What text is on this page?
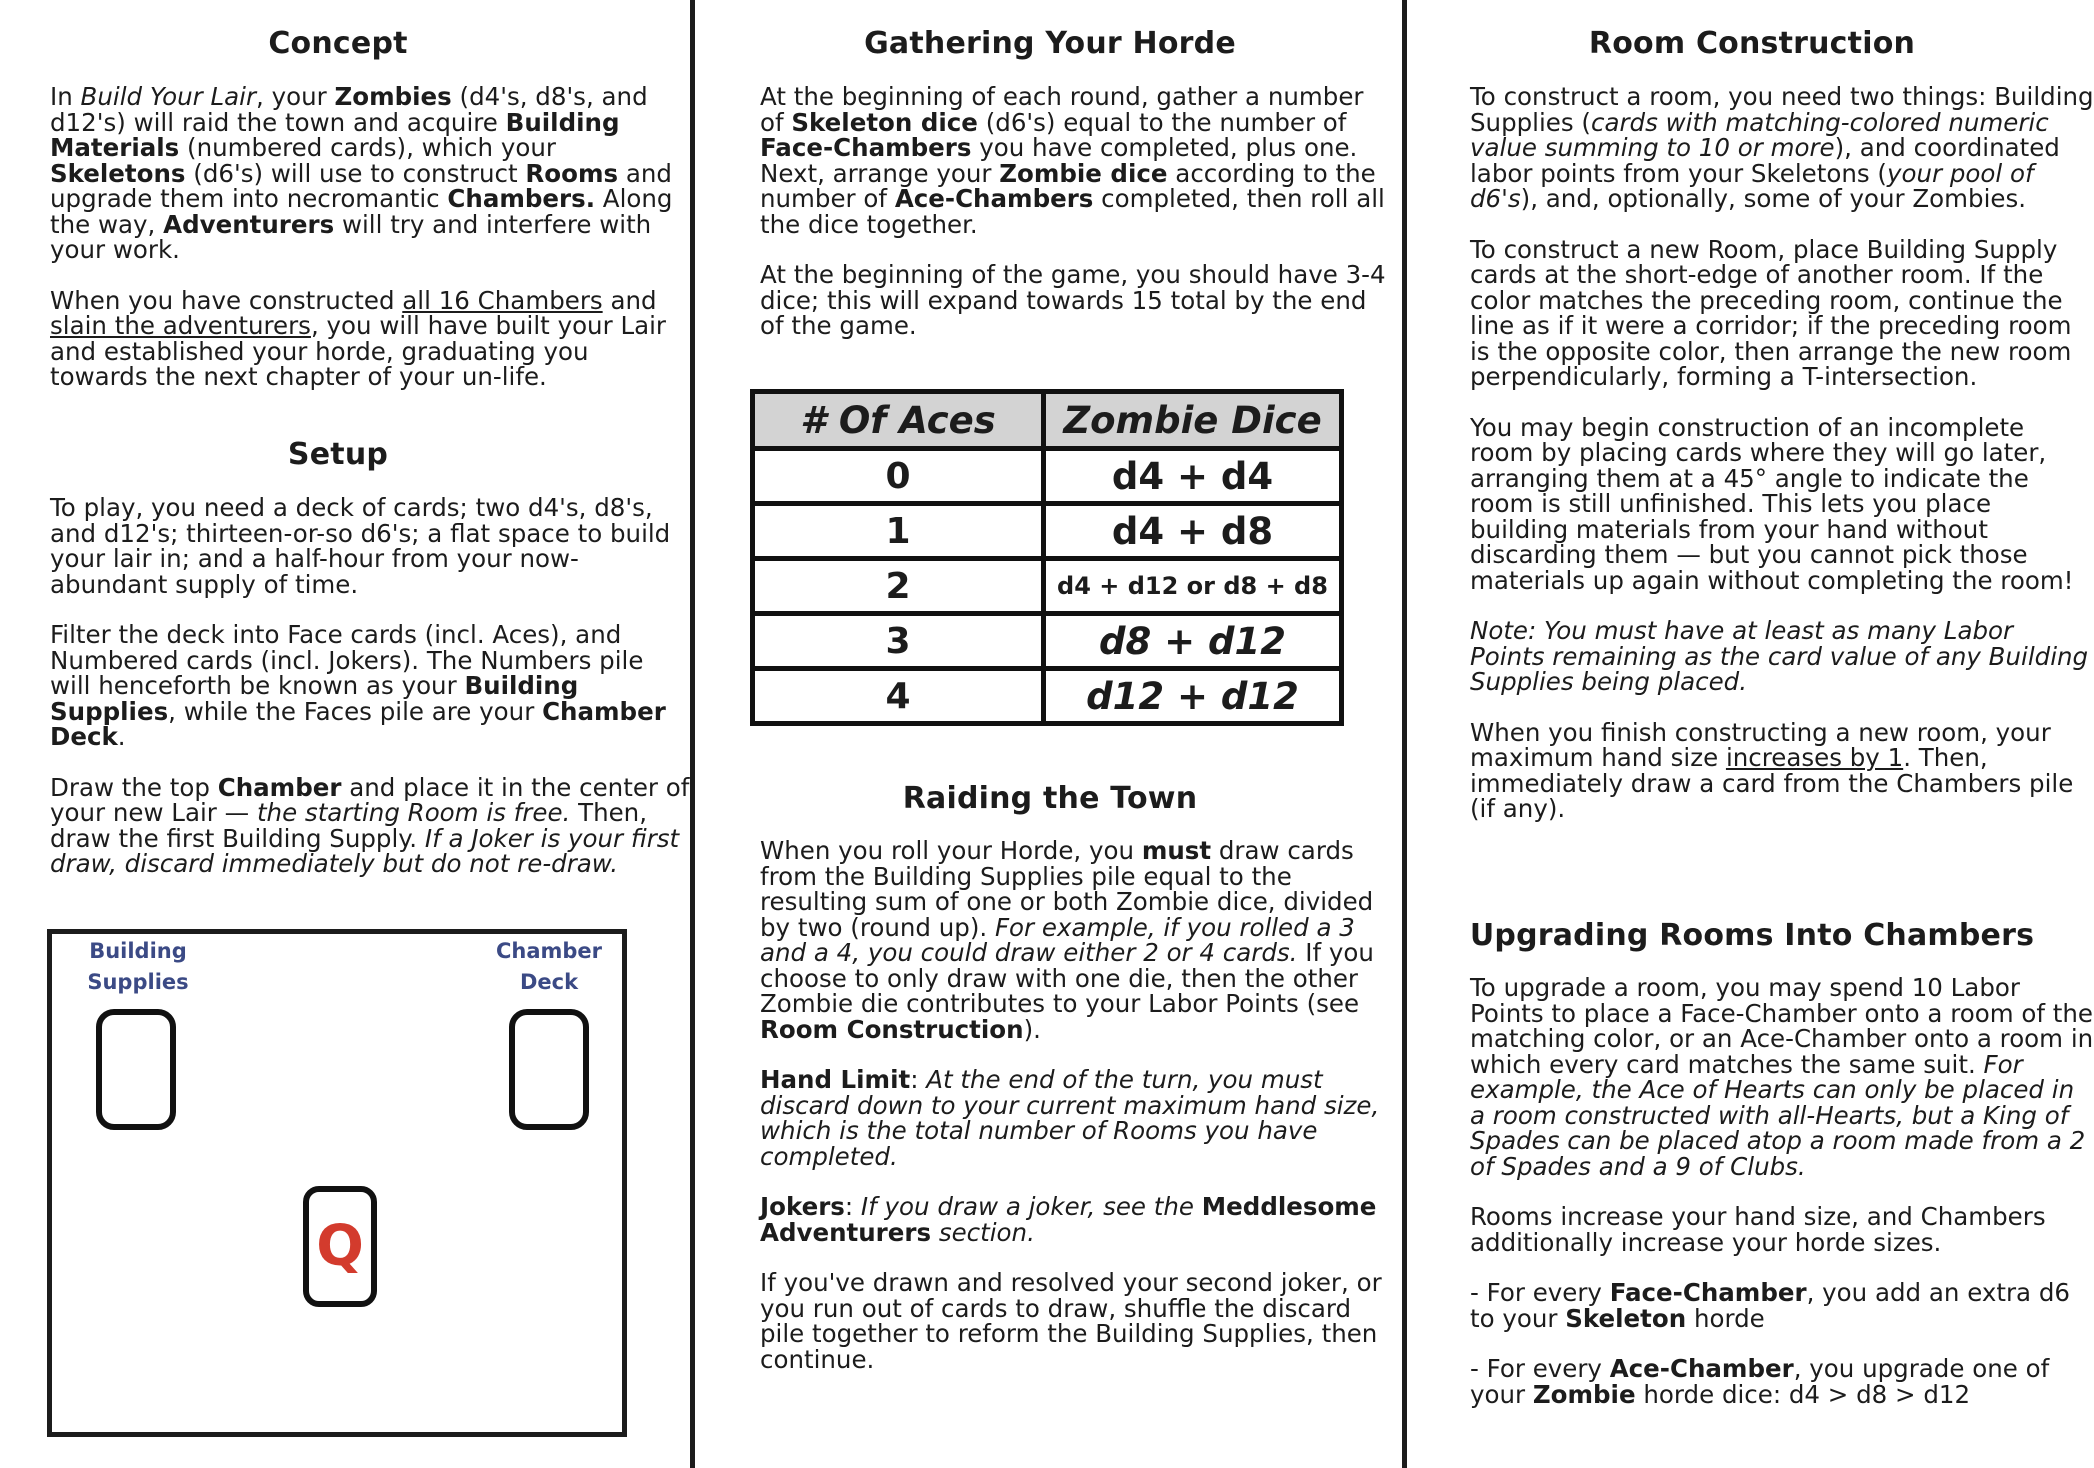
Concept

In Build Your Lair, your Zombies (d4's, d8's, and d12's) will raid the town and acquire Building Materials (numbered cards), which your Skeletons (d6's) will use to construct Rooms and upgrade them into necromantic Chambers. Along the way, Adventurers will try and interfere with your work.

When you have constructed all 16 Chambers and slain the adventurers, you will have built your Lair and established your horde, graduating you towards the next chapter of your un-life.

Setup

To play, you need a deck of cards; two d4's, d8's, and d12's; thirteen-or-so d6's; a flat space to build your lair in; and a half-hour from your now-abundant supply of time.

Filter the deck into Face cards (incl. Aces), and Numbered cards (incl. Jokers). The Numbers pile will henceforth be known as your Building Supplies, while the Faces pile are your Chamber Deck.

Draw the top Chamber and place it in the center of your new Lair — the starting Room is free. Then, draw the first Building Supply. If a Joker is your first draw, discard immediately but do not re-draw.

Building
Supplies
Chamber
Deck
Q
Gathering Your Horde

At the beginning of each round, gather a number of Skeleton dice (d6's) equal to the number of Face-Chambers you have completed, plus one. Next, arrange your Zombie dice according to the number of Ace-Chambers completed, then roll all the dice together.

At the beginning of the game, you should have 3-4 dice; this will expand towards 15 total by the end of the game.

# Of Aces	Zombie Dice
0	d4 + d4
1	d4 + d8
2	d4 + d12 or d8 + d8
3	d8 + d12
4	d12 + d12
Raiding the Town

When you roll your Horde, you must draw cards from the Building Supplies pile equal to the resulting sum of one or both Zombie dice, divided by two (round up). For example, if you rolled a 3 and a 4, you could draw either 2 or 4 cards. If you choose to only draw with one die, then the other Zombie die contributes to your Labor Points (see Room Construction).

Hand Limit: At the end of the turn, you must discard down to your current maximum hand size, which is the total number of Rooms you have completed.

Jokers: If you draw a joker, see the Meddlesome Adventurers section.

If you've drawn and resolved your second joker, or you run out of cards to draw, shuffle the discard pile together to reform the Building Supplies, then continue.

Room Construction

To construct a room, you need two things: Building Supplies (cards with matching-colored numeric value summing to 10 or more), and coordinated labor points from your Skeletons (your pool of d6's), and, optionally, some of your Zombies.

To construct a new Room, place Building Supply cards at the short-edge of another room. If the color matches the preceding room, continue the line as if it were a corridor; if the preceding room is the opposite color, then arrange the new room perpendicularly, forming a T-intersection.

You may begin construction of an incomplete room by placing cards where they will go later, arranging them at a 45° angle to indicate the room is still unfinished. This lets you place building materials from your hand without discarding them — but you cannot pick those materials up again without completing the room!

Note: You must have at least as many Labor Points remaining as the card value of any Building Supplies being placed.

When you finish constructing a new room, your maximum hand size increases by 1. Then, immediately draw a card from the Chambers pile (if any).

Upgrading Rooms Into Chambers

To upgrade a room, you may spend 10 Labor Points to place a Face-Chamber onto a room of the matching color, or an Ace-Chamber onto a room in which every card matches the same suit. For example, the Ace of Hearts can only be placed in a room constructed with all-Hearts, but a King of Spades can be placed atop a room made from a 2 of Spades and a 9 of Clubs.

Rooms increase your hand size, and Chambers additionally increase your horde sizes.

- For every Face-Chamber, you add an extra d6 to your Skeleton horde

- For every Ace-Chamber, you upgrade one of your Zombie horde dice: d4 > d8 > d12
